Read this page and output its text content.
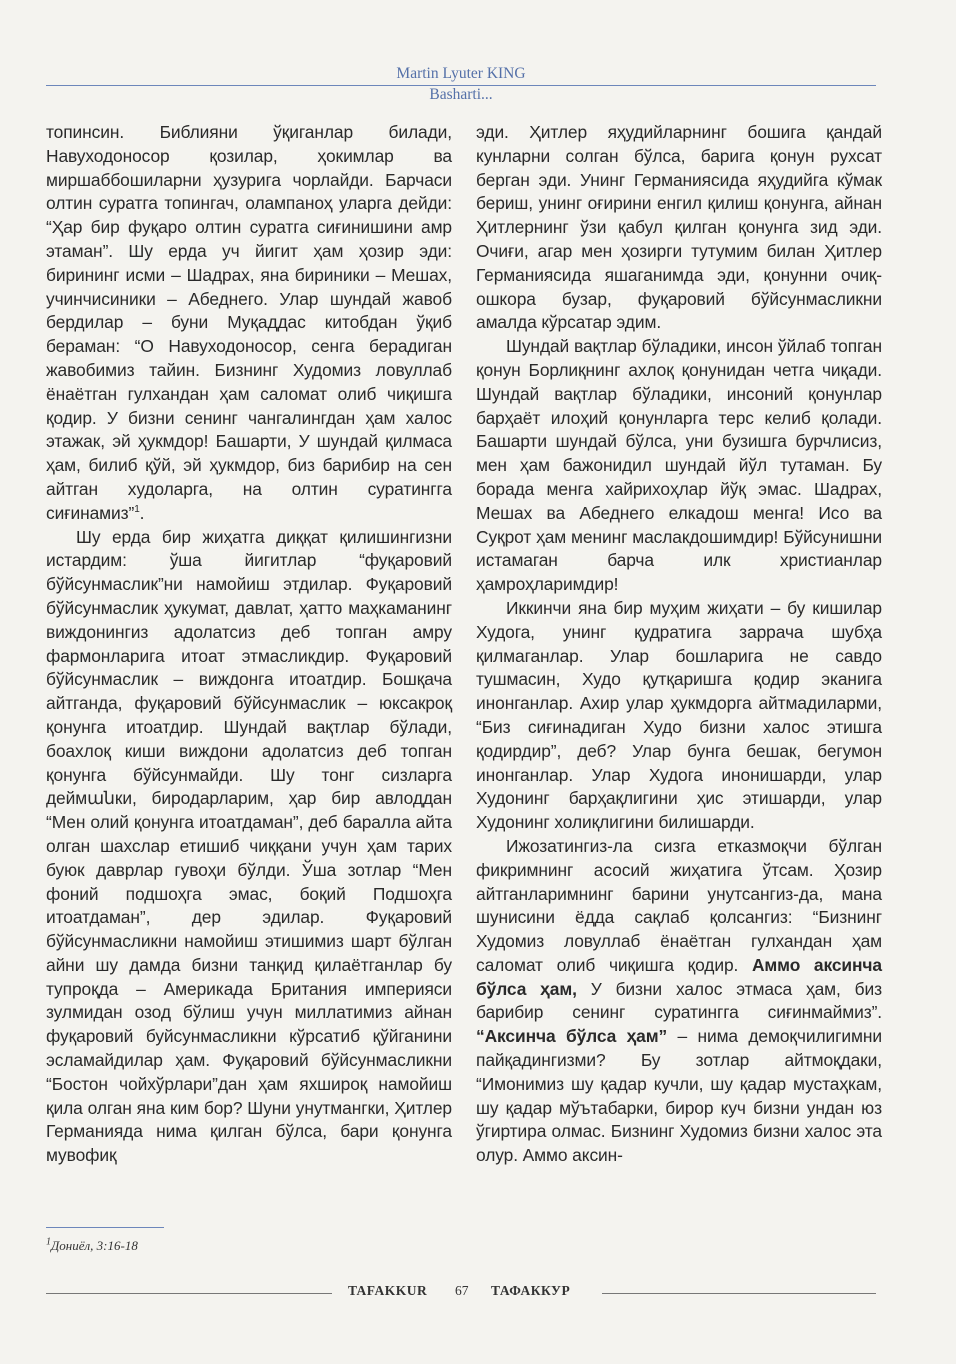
Martin Lyuter KING
Basharti...

топинсин. Библияни ўқиганлар билади, Навуходоносор қозилар, ҳокимлар ва миршаббошиларни ҳузурига чорлайди. Барчаси олтин суратга топингач, олампаноҳ уларга дейди: “Ҳар бир фуқаро олтин суратга сиғинишини амр этаман”. Шу ерда уч йигит ҳам ҳозир эди: бирининг исми – Шадрах, яна бириники – Мешах, учинчисиники – Абеднего. Улар шундай жавоб бердилар – буни Муқаддас китобдан ўқиб бераман: “О Навуходоносор, сенга берадиган жавобимиз тайин. Бизнинг Худомиз ловуллаб ёнаётган гулхандан ҳам саломат олиб чиқишга қодир. У бизни сенинг чангалингдан ҳам халос этажак, эй ҳукмдор! Башарти, У шундай қилмаса ҳам, билиб қўй, эй ҳукмдор, биз барибир на сен айтган худоларга, на олтин суратингга сиғинамиз”$^1$.

Шу ерда бир жиҳатга диққат қилишингизни истардим: ўша йигитлар “фуқаровий бўйсунмаслик”ни намойиш этдилар. Фуқаровий бўйсунмаслик ҳукумат, давлат, ҳатто маҳкаманинг виждонингиз адолатсиз деб топган амру фармонларига итоат этмасликдир. Фуқаровий бўйсунмаслик – виждонга итоатдир. Бошқача айтганда, фуқаровий бўйсунмаслик – юксакроқ қонунга итоатдир. Шундай вақтлар бўлади, боахлоқ киши виждони адолатсиз деб топган қонунга бўйсунмайди. Шу тонг сизларга деймանки, биродарларим, ҳар бир авлоддан “Мен олий қонунга итоатдаман”, деб баралла айта олган шахслар етишиб чиққани учун ҳам тарих буюк даврлар гувоҳи бўлди. Ўша зотлар “Мен фоний подшоҳга эмас, боқий Подшоҳга итоатдаман”, дер эдилар. Фуқаровий бўйсунмасликни намойиш этишимиз шарт бўлган айни шу дамда бизни танқид қилаётганлар бу тупроқда – Америкада Британия империяси зулмидан озод бўлиш учун миллатимиз айнан фуқаровий буйсунмасликни кўрсатиб қўйганини эсламайдилар ҳам. Фуқаровий бўйсунмасликни “Бостон чойхўрлари”дан ҳам яхшироқ намойиш қила олган яна ким бор? Шуни унутмангки, Ҳитлер Германияда нима қилган бўлса, бари қонунга мувофиқ

эди. Ҳитлер яҳудийларнинг бошига қандай кунларни солган бўлса, барига қонун рухсат берган эди. Унинг Германиясида яҳудийга кўмак бериш, унинг оғирини енгил қилиш қонунга, айнан Ҳитлернинг ўзи қабул қилган қонунга зид эди. Очиғи, агар мен ҳозирги тутумим билан Ҳитлер Германиясида яшаганимда эди, қонунни очиқ-ошкора бузар, фуқаровий бўйсунмасликни амалда кўрсатар эдим.

Шундай вақтлар бўладики, инсон ўйлаб топган қонун Борлиқнинг ахлоқ қонунидан четга чиқади. Шундай вақтлар бўладики, инсоний қонунлар барҳаёт илоҳий қонунларга терс келиб қолади. Башарти шундай бўлса, уни бузишга бурчлисиз, мен ҳам бажонидил шундай йўл тутаман. Бу борада менга хайрихоҳлар йўқ эмас. Шадрах, Мешах ва Абеднего елкадош менга! Исо ва Суқрот ҳам менинг маслакдошимдир! Бўйсунишни истамаган барча илк христианлар ҳамроҳларимдир!

Иккинчи яна бир муҳим жиҳати – бу кишилар Худога, унинг қудратига заррача шубҳа қилмаганлар. Улар бошларига не савдо тушмасин, Худо қутқаришга қодир эканига инонганлар. Ахир улар ҳукмдорга айтмадиларми, “Биз сиғинадиган Худо бизни халос этишга қодирдир”, деб? Улар бунга бешак, бегумон инонганлар. Улар Худога инонишарди, улар Худонинг барҳақлигини ҳис этишарди, улар Худонинг холиқлигини билишарди.

Ижозатингиз-ла сизга етказмоқчи бўлган фикримнинг асосий жиҳатига ўтсам. Ҳозир айтганларимнинг барини унутсангиз-да, мана шунисини ёдда сақлаб қолсангиз: “Бизнинг Худомиз ловуллаб ёнаётган гулхандан ҳам саломат олиб чиқишга қодир. Аммо аксинча бўлса ҳам, У бизни халос этмаса ҳам, биз барибир сенинг суратингга сиғинмаймиз”. “Аксинча бўлса ҳам” – нима демоқчилигимни пайқадингизми? Бу зотлар айтмоқдаки, “Имонимиз шу қадар кучли, шу қадар мустаҳкам, шу қадар мўътабарки, бирор куч бизни ундан юз ўгиртира олмас. Бизнинг Худомиз бизни халос эта олур. Аммо аксин-

$^1$Дониёл, 3:16-18
TAFAKKUR 67 ТАФАККУР
